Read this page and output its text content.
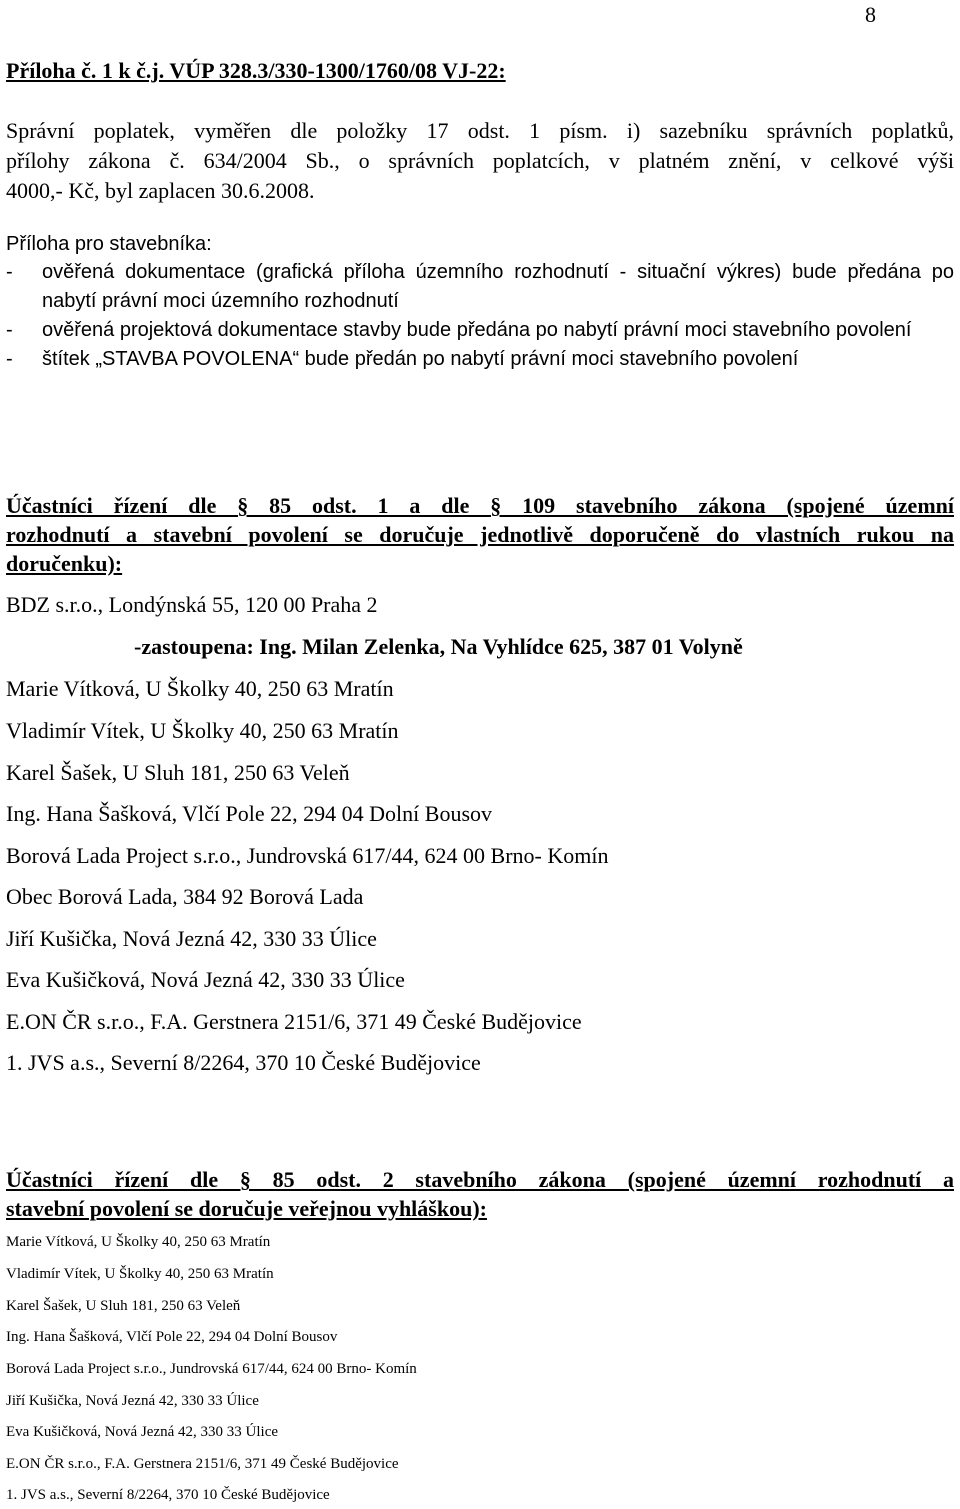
8
Příloha č. 1 k č.j. VÚP 328.3/330-1300/1760/08 VJ-22:
Správní poplatek, vyměřen dle položky 17 odst. 1 písm. i) sazebníku správních poplatků,
přílohy zákona č. 634/2004 Sb., o správních poplatcích, v platném znění, v celkové výši
4000,- Kč, byl zaplacen 30.6.2008.
Příloha pro stavebníka:
-	ověřená dokumentace (grafická příloha územního rozhodnutí - situační výkres) bude předána po nabytí právní moci územního rozhodnutí
-	ověřená projektová dokumentace stavby bude předána po nabytí právní moci stavebního povolení
-	štítek „STAVBA POVOLENA“ bude předán po nabytí právní moci stavebního povolení
Účastníci řízení dle § 85 odst. 1 a dle § 109 stavebního zákona (spojené územní
rozhodnutí a stavební povolení se doručuje jednotlivě doporučeně do vlastních rukou na
doručenku):
BDZ s.r.o., Londýnská 55, 120 00 Praha 2
-zastoupena: Ing. Milan Zelenka, Na Vyhlídce 625, 387 01 Volyně
Marie Vítková, U Školky 40, 250 63 Mratín
Vladimír Vítek, U Školky 40, 250 63 Mratín
Karel Šašek, U Sluh 181, 250 63 Veleň
Ing. Hana Šašková, Vlčí Pole 22, 294 04 Dolní Bousov
Borová Lada Project s.r.o., Jundrovská 617/44, 624 00 Brno- Komín
Obec Borová Lada, 384 92 Borová Lada
Jiří Kušička, Nová Jezná 42, 330 33 Úlice
Eva Kušičková, Nová Jezná 42, 330 33 Úlice
E.ON ČR s.r.o., F.A. Gerstnera 2151/6, 371 49 České Budějovice
1. JVS a.s., Severní 8/2264, 370 10 České Budějovice
Účastníci řízení dle § 85 odst. 2 stavebního zákona (spojené územní rozhodnutí a
stavební povolení se doručuje veřejnou vyhláškou):
Marie Vítková, U Školky 40, 250 63 Mratín
Vladimír Vítek, U Školky 40, 250 63 Mratín
Karel Šašek, U Sluh 181, 250 63 Veleň
Ing. Hana Šašková, Vlčí Pole 22, 294 04 Dolní Bousov
Borová Lada Project s.r.o., Jundrovská 617/44, 624 00 Brno- Komín
Jiří Kušička, Nová Jezná 42, 330 33 Úlice
Eva Kušičková, Nová Jezná 42, 330 33 Úlice
E.ON ČR s.r.o., F.A. Gerstnera 2151/6, 371 49 České Budějovice
1. JVS a.s., Severní 8/2264, 370 10 České Budějovice
